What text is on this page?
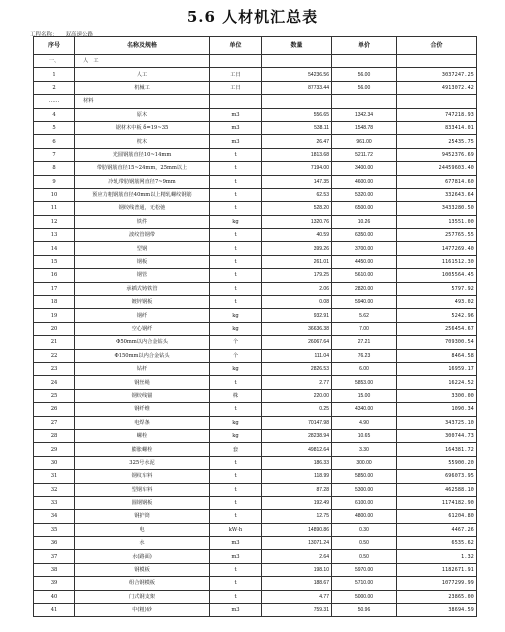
5.6 人材机汇总表
工程名称： 双高速公路
序号	名称及规格	单位	数量	单价	合价
一、	人　工				
1	人工	工日	54236.56	56.00	3037247.25
2	机械工	工日	87733.44	56.00	4913072.42
……	材料				
4	原木	m3	556.65	1342.34	747218.93
5	锯材木中板 δ=19~35	m3	538.11	1548.78	833414.01
6	枕木	m3	26.47	961.00	25435.75
7	光圆钢筋直径10~14mm	t	1813.68	5211.72	9452376.69
8	带肋钢筋直径15~24mm，25mm以上	t	7194.00	3400.00	24459603.40
9	冷轧带肋钢筋网直径7~9mm	t	147.35	4600.00	677814.60
10	预应力粗钢筋直径40mm以上精轧螺纹钢筋	t	62.53	5320.00	332643.64
11	钢绞线普通，无松弛	t	528.20	6500.00	3433280.50
12	铁件	kg	1320.76	10.26	13551.00
13	波纹管钢带	t	40.59	6350.00	257765.55
14	型钢	t	399.26	3700.00	1477269.40
15	钢板	t	261.01	4450.00	1161512.30
16	钢管	t	179.25	5610.00	1005564.45
17	承插式铸铁管	t	2.06	2820.00	5797.92
18	镀锌钢板	t	0.08	5940.00	493.02
19	钢纤	kg	932.91	5.62	5242.96
20	空心钢纤	kg	36636.38	7.00	256454.67
21	Φ50mm以内合金钻头	个	26067.64	27.21	709300.54
22	Φ150mm以内合金钻头	个	111.04	76.23	8464.58
23	钻杆	kg	2826.53	6.00	16959.17
24	钢丝绳	t	2.77	5853.00	16224.52
25	钢绞线锚	株	220.00	15.00	3300.00
26	钢纤维	t	0.25	4340.00	1090.34
27	电焊条	kg	70147.98	4.90	343725.10
28	螺栓	kg	28238.94	10.65	300744.73
29	膨胀螺栓	套	49812.64	3.30	164381.72
30	325号水泥	t	186.33	300.00	55900.20
31	钢纹车料	t	118.99	5850.00	696073.95
32	型钢车料	t	87.28	5300.00	462588.10
33	圆钢钢板	t	192.49	6100.00	1174182.90
34	钢护筒	t	12.75	4800.00	61204.80
35	电	kW·h	14890.86	0.30	4467.26
36	水	m3	13071.24	0.50	6535.62
37	水(路面)	m3	2.64	0.50	1.32
38	钢模板	t	198.10	5970.00	1182671.91
39	组合钢模板	t	188.67	5710.00	1077299.99
40	门式钢支架	t	4.77	5000.00	23865.00
41	中(粗)砂	m3	759.31	50.96	38694.59
